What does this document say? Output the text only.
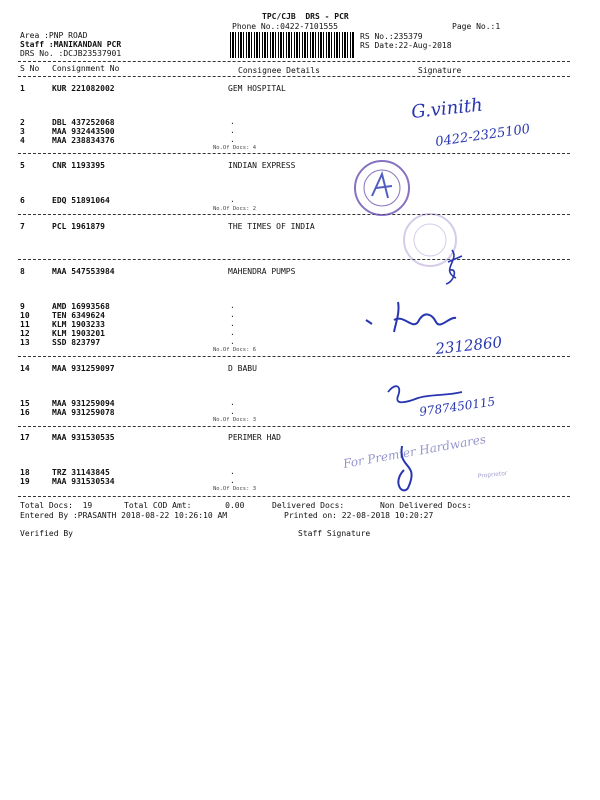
TPC/CJB  DRS - PCR
Phone No.:0422-7101555	Page No.:1
Area :PNP ROAD
Staff :MANIKANDAN PCR
DRS No. :DCJB23537901
RS No.:235379
RS Date:22-Aug-2018
S No Consignment No	Consignee Details	Signature
1	KUR 221082002	GEM HOSPITAL
2	DBL 437252068
3	MAA 932443500
4	MAA 238834376
.
.
.
No.Of Docs: 4
5	CNR 1193395	INDIAN EXPRESS
6	EDQ 51891064	.
No.Of Docs: 2
7	PCL 1961879	THE TIMES OF INDIA
8	MAA 547553984	MAHENDRA PUMPS
9	AMD 16993568
10	TEN 6349624
11	KLM 1903233
12	KLM 1903201
13	SSD 823797
.
.
.
.
.
No.Of Docs: 6
14	MAA 931259097	D BABU
15	MAA 931259094
16	MAA 931259078
.
.
No.Of Docs: 3
17	MAA 931530535	PERIMER HAD
18	TRZ 31143845
19	MAA 931530534
.
.
No.Of Docs: 3
Total Docs:  19	Total COD Amt:       0.00	Delivered Docs:	Non Delivered Docs:
Entered By :PRASANTH 2018-08-22 10:26:10 AM	Printed on: 22-08-2018 10:20:27
Verified By	Staff Signature
G.vinith
0422-2325100
2312860
9787450115
For Premier Hardwares
Proprietor
